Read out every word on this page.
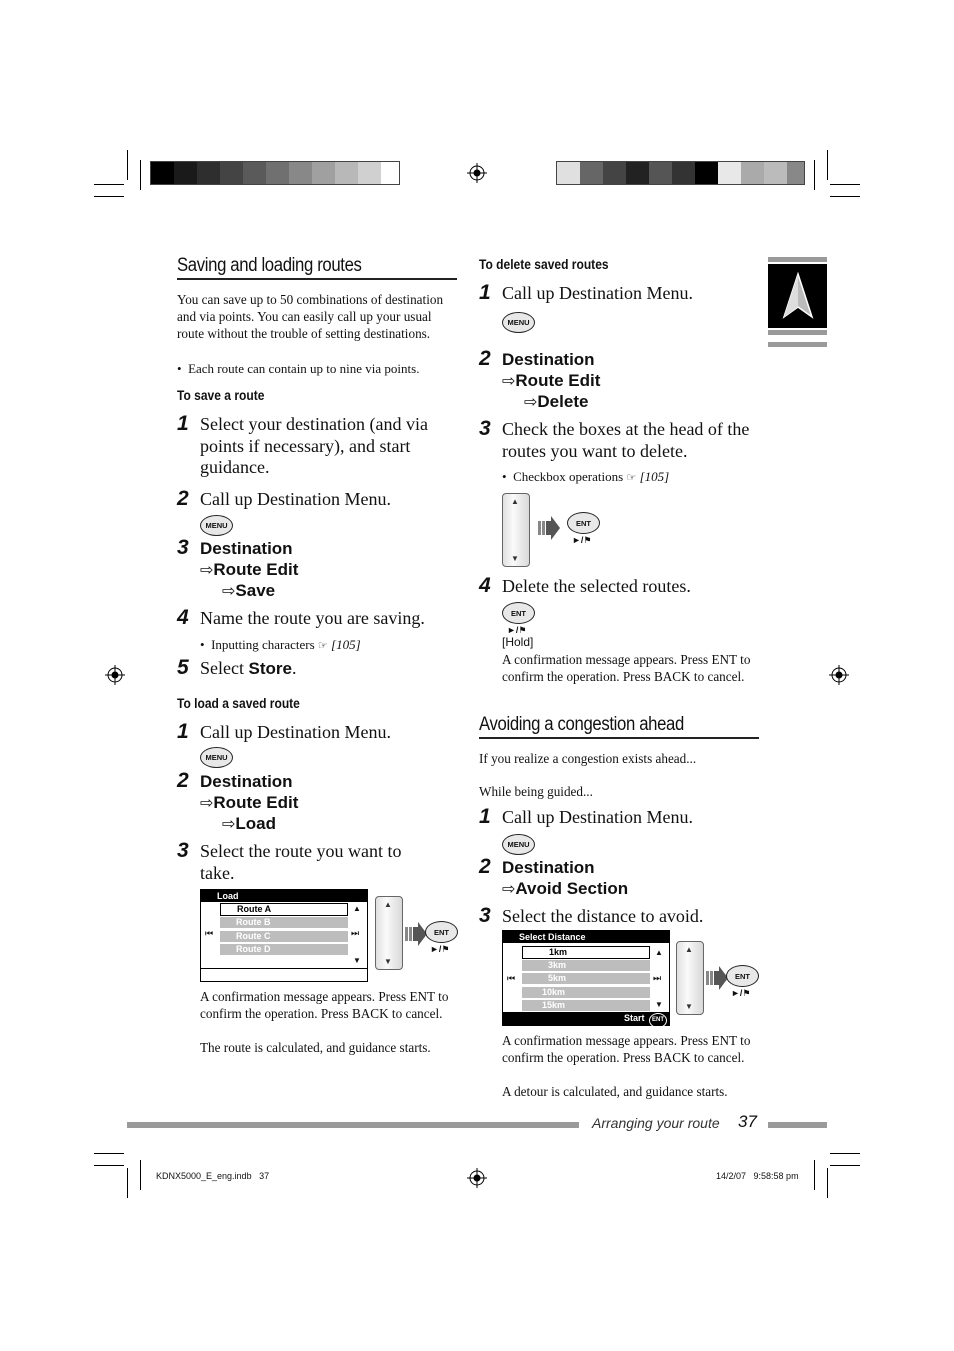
Saving and loading routes
You can save up to 50 combinations of destination and via points. You can easily call up your usual route without the trouble of setting destinations.
•  Each route can contain up to nine via points.
To save a route
1 Select your destination (and via points if necessary), and start guidance.
2 Call up Destination Menu.
MENU
3 Destination
⇨Route Edit
⇨Save
4 Name the route you are saving.
•  Inputting characters ☞ [105]
5 Select Store.
To load a saved route
1 Call up Destination Menu.
MENU
2 Destination
⇨Route Edit
⇨Load
3 Select the route you want to take.
Load
Route A
Route B
Route C
Route D
⏮	⏭
▲
▼
▲
▼
ENT
►/⚑
A confirmation message appears. Press ENT to confirm the operation. Press BACK to cancel.
The route is calculated, and guidance starts.
To delete saved routes
1 Call up Destination Menu.
MENU
2 Destination
⇨Route Edit
⇨Delete
3 Check the boxes at the head of the routes you want to delete.
•  Checkbox operations ☞ [105]
▲
▼
ENT
►/⚑
4 Delete the selected routes.
ENT
►/⚑
[Hold]
A confirmation message appears. Press ENT to confirm the operation. Press BACK to cancel.
Avoiding a congestion ahead
If you realize a congestion exists ahead...
While being guided...
1 Call up Destination Menu.
MENU
2 Destination
⇨Avoid Section
3 Select the distance to avoid.
Select Distance
1km
3km
5km
10km
15km
⏮	⏭
▲
▼
Start ENT
▲
▼
ENT
►/⚑
A confirmation message appears. Press ENT to confirm the operation. Press BACK to cancel.
A detour is calculated, and guidance starts.
Arranging your route 37
KDNX5000_E_eng.indb   37	14/2/07   9:58:58 pm
